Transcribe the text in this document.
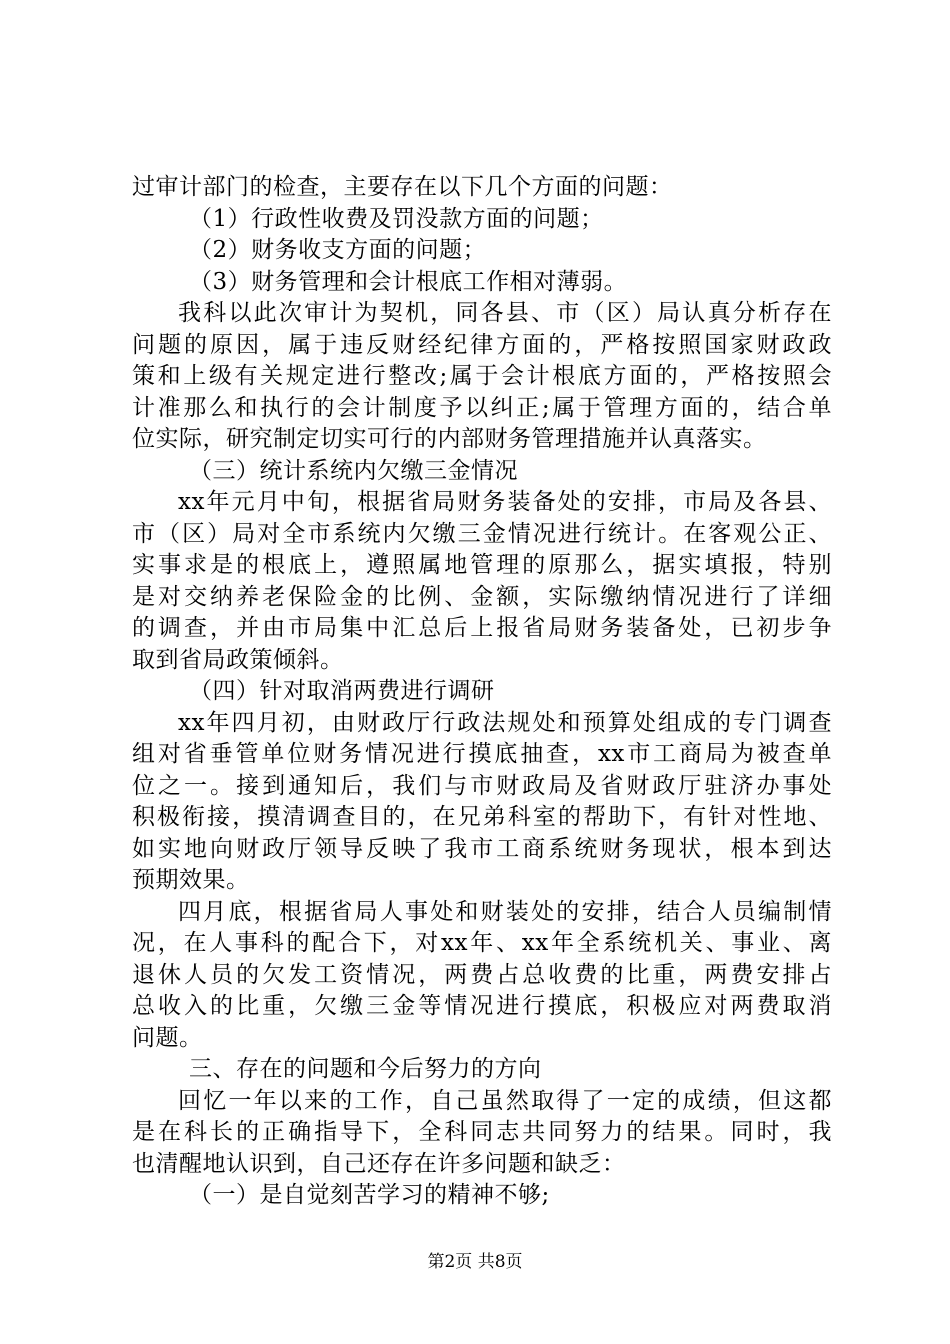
过审计部门的检查，主要存在以下几个方面的问题：
（1）行政性收费及罚没款方面的问题；
（2）财务收支方面的问题；
（3）财务管理和会计根底工作相对薄弱。
我科以此次审计为契机，同各县、市（区）局认真分析存在
问题的原因，属于违反财经纪律方面的，严格按照国家财政政
策和上级有关规定进行整改;属于会计根底方面的，严格按照会
计准那么和执行的会计制度予以纠正;属于管理方面的，结合单
位实际，研究制定切实可行的内部财务管理措施并认真落实。
（三）统计系统内欠缴三金情况
xx年元月中旬，根据省局财务装备处的安排，市局及各县、
市（区）局对全市系统内欠缴三金情况进行统计。在客观公正、
实事求是的根底上，遵照属地管理的原那么，据实填报，特别
是对交纳养老保险金的比例、金额，实际缴纳情况进行了详细
的调查，并由市局集中汇总后上报省局财务装备处，已初步争
取到省局政策倾斜。
（四）针对取消两费进行调研
xx年四月初，由财政厅行政法规处和预算处组成的专门调查
组对省垂管单位财务情况进行摸底抽查，xx市工商局为被查单
位之一。接到通知后，我们与市财政局及省财政厅驻济办事处
积极衔接，摸清调查目的，在兄弟科室的帮助下，有针对性地、
如实地向财政厅领导反映了我市工商系统财务现状，根本到达
预期效果。
四月底，根据省局人事处和财装处的安排，结合人员编制情
况，在人事科的配合下，对xx年、xx年全系统机关、事业、离
退休人员的欠发工资情况，两费占总收费的比重，两费安排占
总收入的比重，欠缴三金等情况进行摸底，积极应对两费取消
问题。
三、存在的问题和今后努力的方向
回忆一年以来的工作，自己虽然取得了一定的成绩，但这都
是在科长的正确指导下，全科同志共同努力的结果。同时，我
也清醒地认识到，自己还存在许多问题和缺乏：
（一）是自觉刻苦学习的精神不够;
第2页 共8页
